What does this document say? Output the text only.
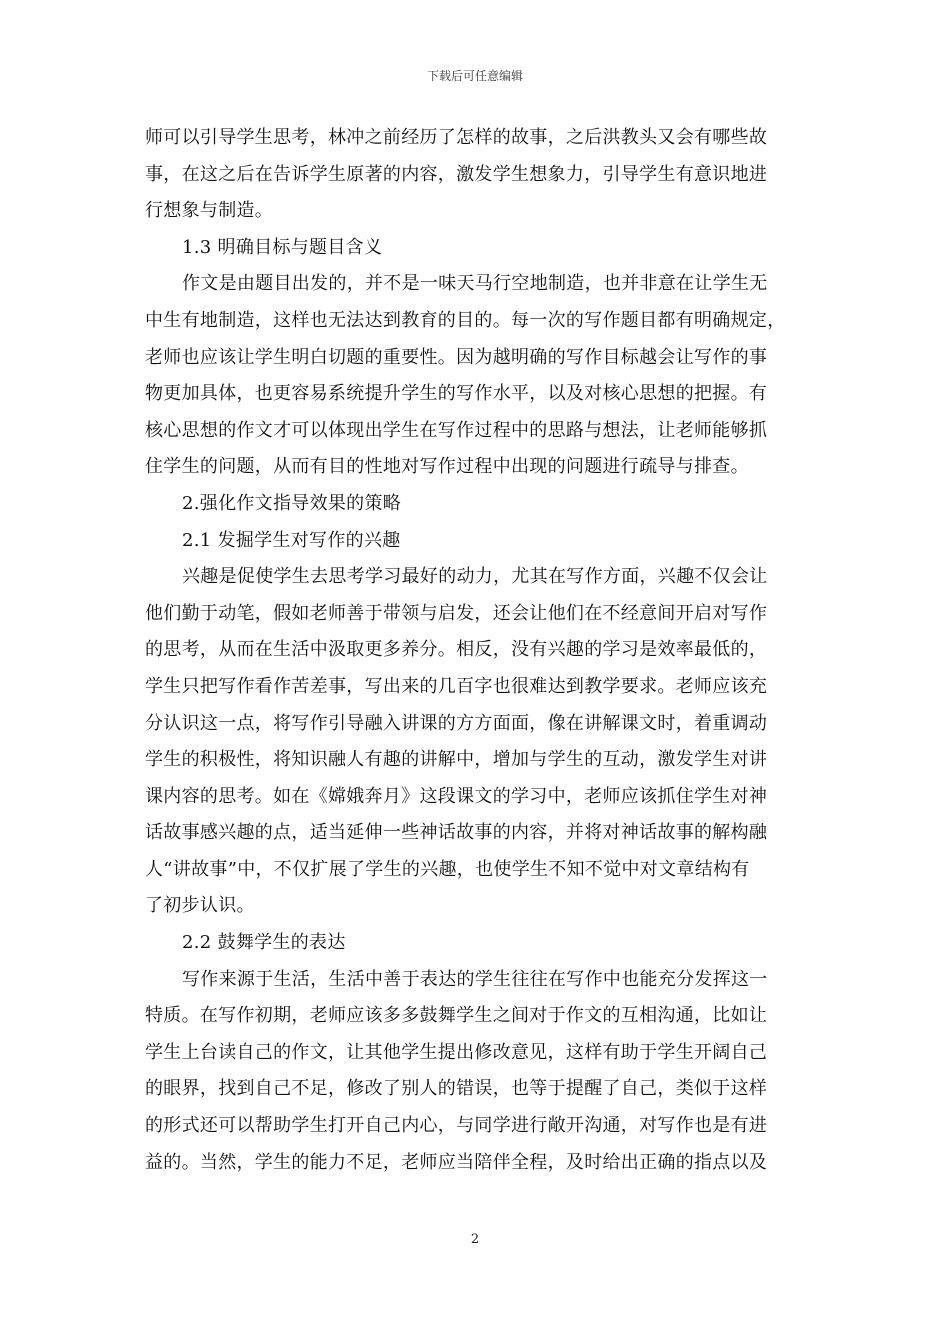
下载后可任意编辑
师可以引导学生思考，林冲之前经历了怎样的故事，之后洪教头又会有哪些故
事，在这之后在告诉学生原著的内容，激发学生想象力，引导学生有意识地进
行想象与制造。
1.3 明确目标与题目含义
作文是由题目出发的，并不是一味天马行空地制造，也并非意在让学生无
中生有地制造，这样也无法达到教育的目的。每一次的写作题目都有明确规定，
老师也应该让学生明白切题的重要性。因为越明确的写作目标越会让写作的事
物更加具体，也更容易系统提升学生的写作水平，以及对核心思想的把握。有
核心思想的作文才可以体现出学生在写作过程中的思路与想法，让老师能够抓
住学生的问题，从而有目的性地对写作过程中出现的问题进行疏导与排查。
2.强化作文指导效果的策略
2.1 发掘学生对写作的兴趣
兴趣是促使学生去思考学习最好的动力，尤其在写作方面，兴趣不仅会让
他们勤于动笔，假如老师善于带领与启发，还会让他们在不经意间开启对写作
的思考，从而在生活中汲取更多养分。相反，没有兴趣的学习是效率最低的，
学生只把写作看作苦差事，写出来的几百字也很难达到教学要求。老师应该充
分认识这一点，将写作引导融入讲课的方方面面，像在讲解课文时，着重调动
学生的积极性，将知识融人有趣的讲解中，增加与学生的互动，激发学生对讲
课内容的思考。如在《嫦娥奔月》这段课文的学习中，老师应该抓住学生对神
话故事感兴趣的点，适当延伸一些神话故事的内容，并将对神话故事的解构融
人“讲故事”中，不仅扩展了学生的兴趣，也使学生不知不觉中对文章结构有
了初步认识。
2.2 鼓舞学生的表达
写作来源于生活，生活中善于表达的学生往往在写作中也能充分发挥这一
特质。在写作初期，老师应该多多鼓舞学生之间对于作文的互相沟通，比如让
学生上台读自己的作文，让其他学生提出修改意见，这样有助于学生开阔自己
的眼界，找到自己不足，修改了别人的错误，也等于提醒了自己，类似于这样
的形式还可以帮助学生打开自己内心，与同学进行敞开沟通，对写作也是有进
益的。当然，学生的能力不足，老师应当陪伴全程，及时给出正确的指点以及
2
